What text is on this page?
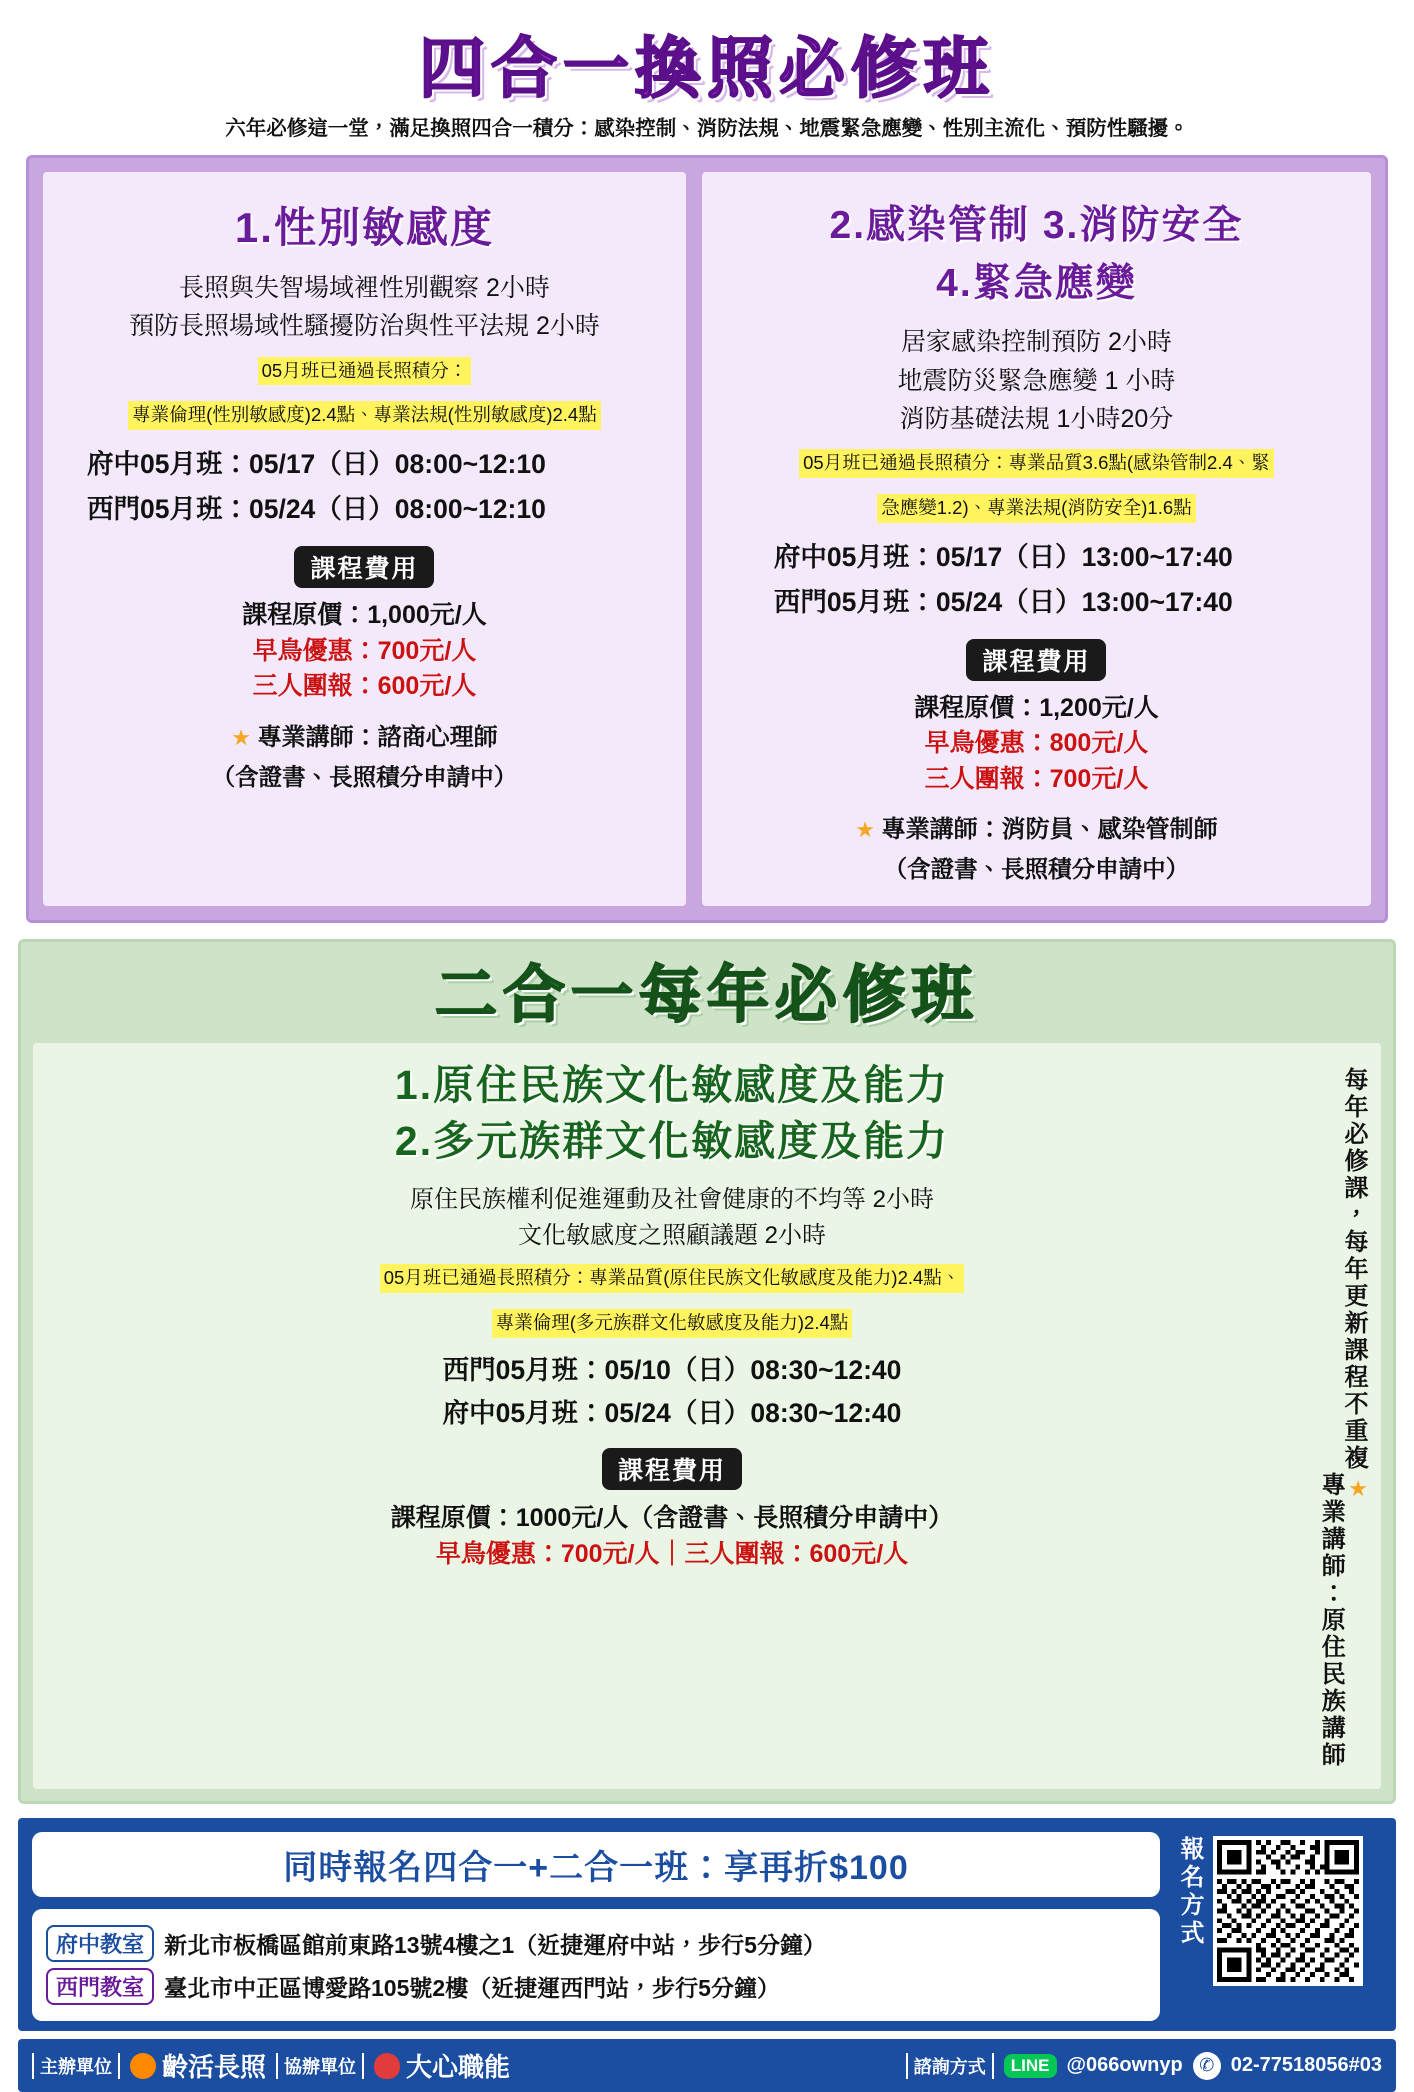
四合一換照必修班
六年必修這一堂，滿足換照四合一積分：感染控制、消防法規、地震緊急應變、性別主流化、預防性騷擾。
1.性別敏感度
長照與失智場域裡性別觀察 2小時
預防長照場域性騷擾防治與性平法規 2小時
05月班已通過長照積分：
專業倫理(性別敏感度)2.4點、專業法規(性別敏感度)2.4點
府中05月班：05/17（日）08:00~12:10
西門05月班：05/24（日）08:00~12:10
課程費用
課程原價：1,000元/人
早鳥優惠：700元/人
三人團報：600元/人
★ 專業講師：諮商心理師
（含證書、長照積分申請中）
2.感染管制 3.消防安全
4.緊急應變
居家感染控制預防 2小時
地震防災緊急應變 1 小時
消防基礎法規 1小時20分
05月班已通過長照積分：專業品質3.6點(感染管制2.4、緊
急應變1.2)、專業法規(消防安全)1.6點
府中05月班：05/17（日）13:00~17:40
西門05月班：05/24（日）13:00~17:40
課程費用
課程原價：1,200元/人
早鳥優惠：800元/人
三人團報：700元/人
★ 專業講師：消防員、感染管制師
（含證書、長照積分申請中）
二合一每年必修班
1.原住民族文化敏感度及能力
2.多元族群文化敏感度及能力
原住民族權利促進運動及社會健康的不均等 2小時
文化敏感度之照顧議題 2小時
05月班已通過長照積分：專業品質(原住民族文化敏感度及能力)2.4點、
專業倫理(多元族群文化敏感度及能力)2.4點
西門05月班：05/10（日）08:30~12:40
府中05月班：05/24（日）08:30~12:40
課程費用
課程原價：1000元/人（含證書、長照積分申請中）
早鳥優惠：700元/人｜三人團報：600元/人
每年必修課，每年更新課程不重複
★
專業講師：原住民族講師
同時報名四合一+二合一班：享再折$100
府中教室 新北市板橋區館前東路13號4樓之1（近捷運府中站，步行5分鐘）
西門教室 臺北市中正區博愛路105號2樓（近捷運西門站，步行5分鐘）
報名方式
主辦單位	齡活長照	協辦單位	大心職能	諮詢方式	LINE @066ownyp ✆ 02-77518056#03
